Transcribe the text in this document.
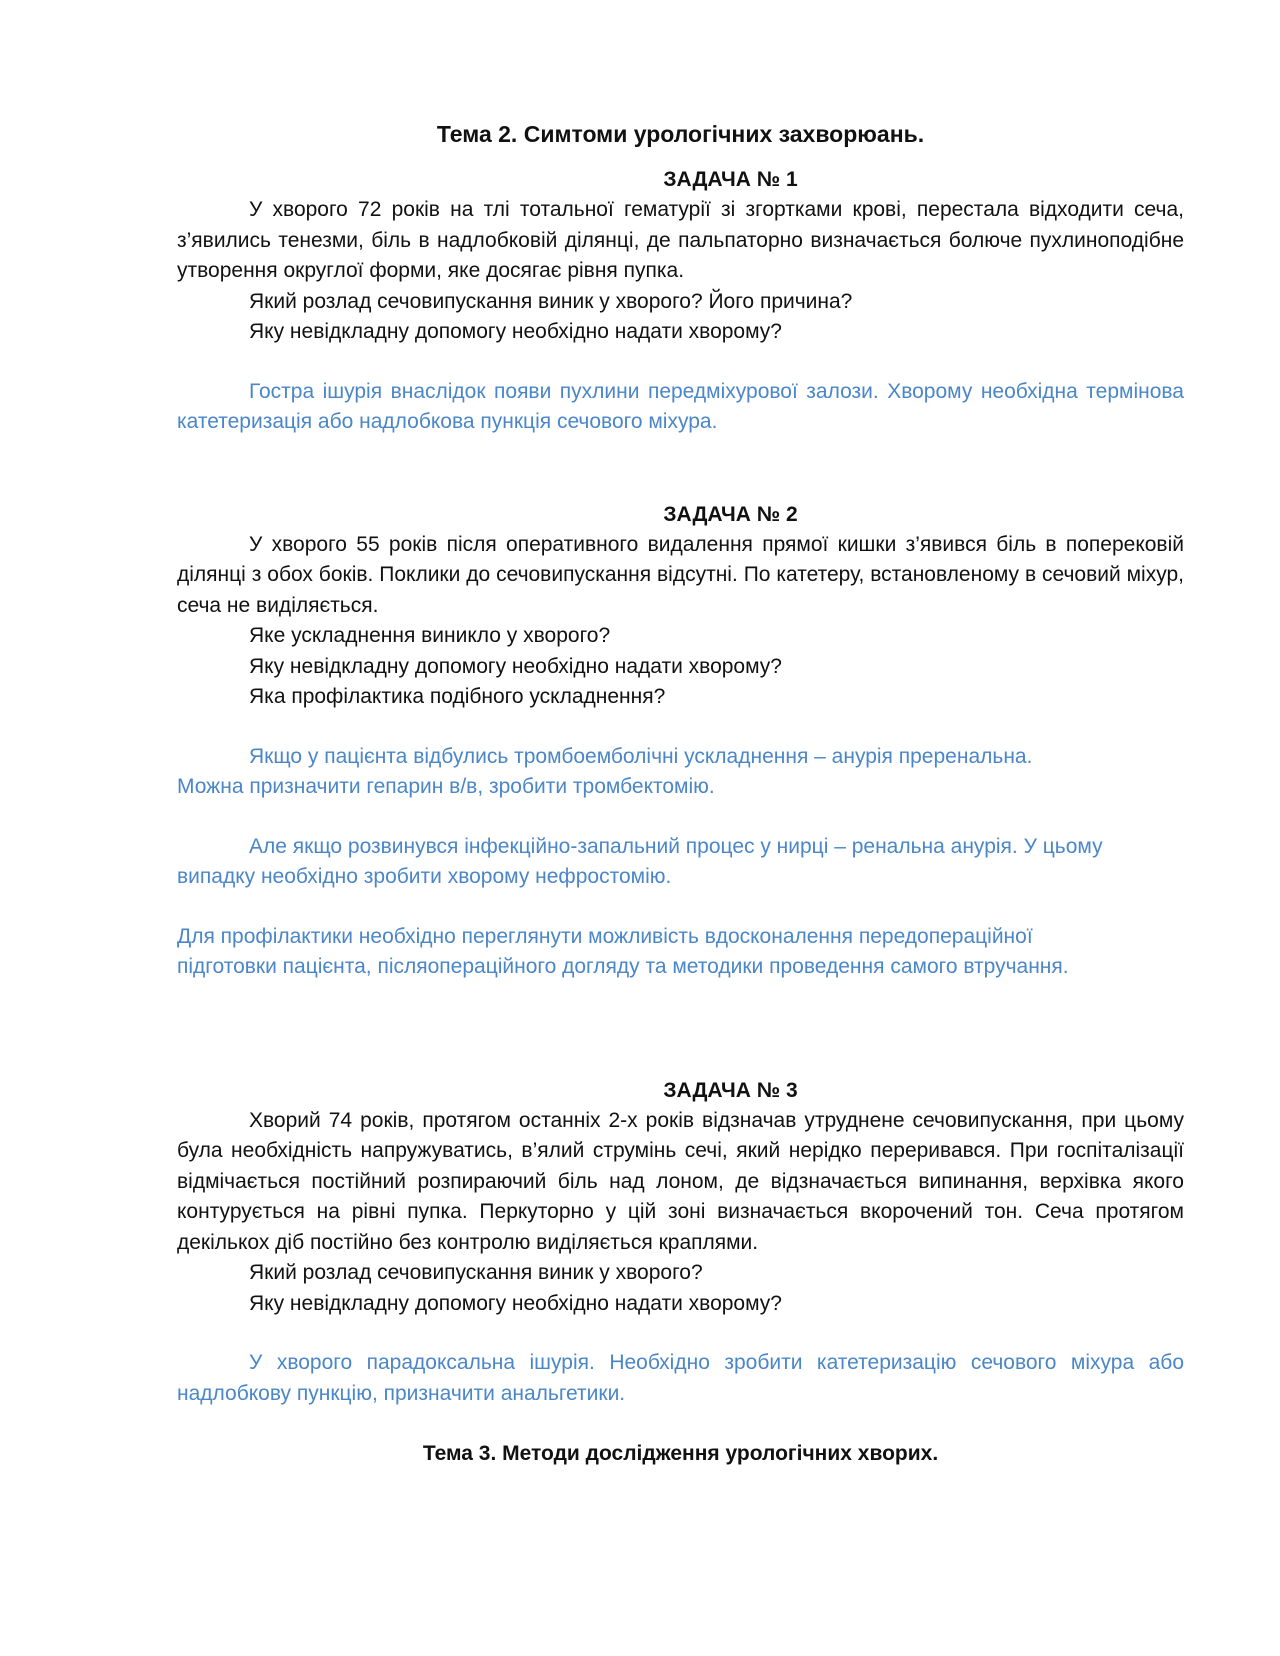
Тема 2. Симтоми урологічних захворюань.
ЗАДАЧА № 1

У хворого 72 років на тлі тотальної гематурії зі згортками крові, перестала відходити сеча, з’явились тенезми, біль в надлобковій ділянці, де пальпаторно визначається болюче пухлиноподібне утворення округлої форми, яке досягає рівня пупка.

Який розлад сечовипускання виник у хворого? Його причина?

Яку невідкладну допомогу необхідно надати хворому?

Гостра ішурія внаслідок появи пухлини передміхурової залози. Хворому необхідна термінова катетеризація або надлобкова пункція сечового міхура.

ЗАДАЧА № 2

У хворого 55 років після оперативного видалення прямої кишки з’явився біль в поперековій ділянці з обох боків. Поклики до сечовипускання відсутні. По катетеру, встановленому в сечовий міхур, сеча не виділяється.

Яке ускладнення виникло у хворого?

Яку невідкладну допомогу необхідно надати хворому?

Яка профілактика подібного ускладнення?

Якщо у пацієнта відбулись тромбоемболічні ускладнення – анурія преренальна.

Можна призначити гепарин в/в, зробити тромбектомію.

Але якщо розвинувся інфекційно-запальний процес у нирці – ренальна анурія. У цьому випадку необхідно зробити хворому нефростомію.

Для профілактики необхідно переглянути можливість вдосконалення передопераційної

підготовки пацієнта, післяопераційного догляду та методики проведення самого втручання.

ЗАДАЧА № 3

Хворий 74 років, протягом останніх 2-х років відзначав утруднене сечовипускання, при цьому була необхідність напружуватись, в’ялий струмінь сечі, який нерідко переривався. При госпіталізації відмічається постійний розпираючий біль над лоном, де відзначається випинання, верхівка якого контурується на рівні пупка. Перкуторно у цій зоні визначається вкорочений тон. Сеча протягом декількох діб постійно без контролю виділяється краплями.

Який розлад сечовипускання виник у хворого?

Яку невідкладну допомогу необхідно надати хворому?

У хворого парадоксальна ішурія. Необхідно зробити катетеризацію сечового міхура або надлобкову пункцію, призначити анальгетики.

Тема 3. Методи дослідження урологічних хворих.
